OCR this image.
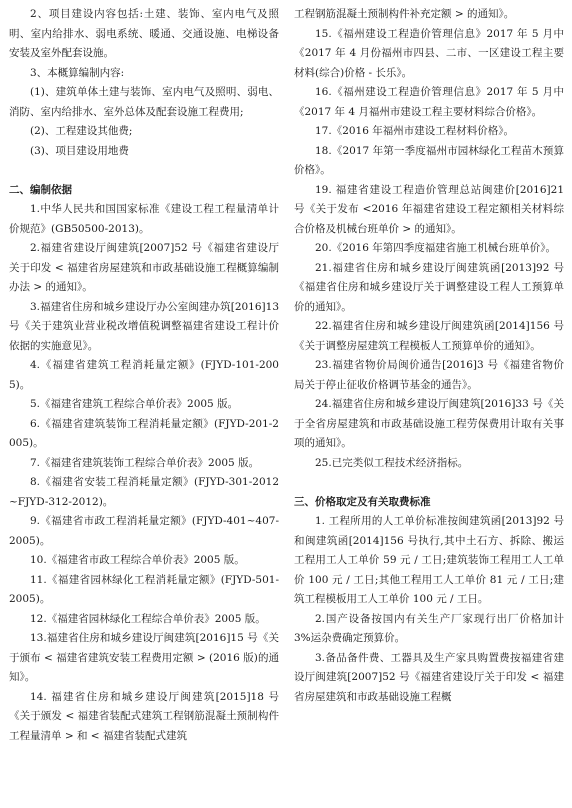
2、项目建设内容包括:土建、装饰、室内电气及照明、室内给排水、弱电系统、暖通、交通设施、电梯设备安装及室外配套设施。

3、本概算编制内容:

(1)、建筑单体土建与装饰、室内电气及照明、弱电、消防、室内给排水、室外总体及配套设施工程费用;

(2)、工程建设其他费;

(3)、项目建设用地费

二、编制依据

1.中华人民共和国国家标准《建设工程工程量清单计价规范》(GB50500-2013)。

2.福建省建设厅闽建筑[2007]52 号《福建省建设厅关于印发 < 福建省房屋建筑和市政基础设施工程概算编制办法 > 的通知》。

3.福建省住房和城乡建设厅办公室闽建办筑[2016]13 号《关于建筑业营业税改增值税调整福建省建设工程计价依据的实施意见》。

4.《福建省建筑工程消耗量定额》(FJYD-101-2005)。

5.《福建省建筑工程综合单价表》2005 版。

6.《福建省建筑装饰工程消耗量定额》(FJYD-201-2005)。

7.《福建省建筑装饰工程综合单价表》2005 版。

8.《福建省安装工程消耗量定额》(FJYD-301-2012~FJYD-312-2012)。

9.《福建省市政工程消耗量定额》(FJYD-401~407-2005)。

10.《福建省市政工程综合单价表》2005 版。

11.《福建省园林绿化工程消耗量定额》(FJYD-501-2005)。

12.《福建省园林绿化工程综合单价表》2005 版。

13.福建省住房和城乡建设厅闽建筑[2016]15 号《关于颁布 < 福建省建筑安装工程费用定额 > (2016 版)的通知》。

14. 福建省住房和城乡建设厅闽建筑[2015]18 号《关于颁发 < 福建省装配式建筑工程钢筋混凝土预制构件工程量清单 > 和 < 福建省装配式建筑

工程钢筋混凝土预制构件补充定额 > 的通知》。

15.《福州建设工程造价管理信息》2017 年 5 月中《2017 年 4 月份福州市四县、二市、一区建设工程主要材料(综合)价格 - 长乐》。

16.《福州建设工程造价管理信息》2017 年 5 月中《2017 年 4 月福州市建设工程主要材料综合价格》。

17.《2016 年福州市建设工程材料价格》。

18.《2017 年第一季度福州市园林绿化工程苗木预算价格》。

19. 福建省建设工程造价管理总站闽建价[2016]21 号《关于发布 <2016 年福建省建设工程定额相关材料综合价格及机械台班单价 > 的通知》。

20.《2016 年第四季度福建省施工机械台班单价》。

21.福建省住房和城乡建设厅闽建筑函[2013]92 号《福建省住房和城乡建设厅关于调整建设工程人工预算单价的通知》。

22.福建省住房和城乡建设厅闽建筑函[2014]156 号《关于调整房屋建筑工程模板人工预算单价的通知》。

23.福建省物价局闽价通告[2016]3 号《福建省物价局关于停止征收价格调节基金的通告》。

24.福建省住房和城乡建设厅闽建筑[2016]33 号《关于全省房屋建筑和市政基础设施工程劳保费用计取有关事项的通知》。

25.已完类似工程技术经济指标。

三、价格取定及有关取费标准

1. 工程所用的人工单价标准按闽建筑函[2013]92 号和闽建筑函[2014]156 号执行,其中土石方、拆除、搬运工程用工人工单价 59 元 / 工日;建筑装饰工程用工人工单价 100 元 / 工日;其他工程用工人工单价 81 元 / 工日;建筑工程模板用工人工单价 100 元 / 工日。

2.国产设备按国内有关生产厂家现行出厂价格加计 3%运杂费确定预算价。

3.备品备件费、工器具及生产家具购置费按福建省建设厅闽建筑[2007]52 号《福建省建设厅关于印发 < 福建省房屋建筑和市政基础设施工程概
